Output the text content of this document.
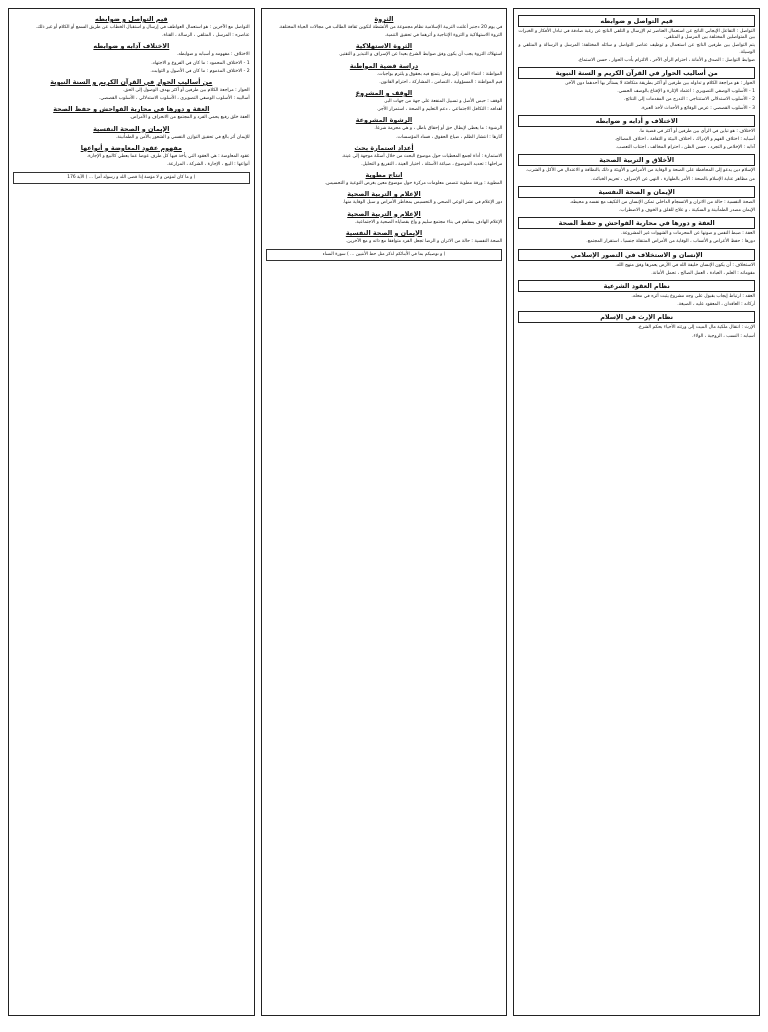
قيم التواصل و ضوابطه

التواصل : التفاعل الإيجابي الناتج عن استعمال العناصر ثم الإرسال و التلقي الناتج عن رغبة صادقة في تبادل الأفكار و الخبرات بين المتواصلين المختلفة بين المرسل و المتلقي.

يتم التواصل بين طرفين الناتج عن استعمال و توظيف عناصر التواصل و سائله المختلفة: المرسل و الرسالة و المتلقي و الوسيلة.

ضوابط التواصل : الصدق و الأمانة ، احترام الرأي الآخر ، الالتزام بأدب الحوار ، حسن الاستماع.

من أساليب الحوار في القرآن الكريم و السنة النبوية

الحوار : هو مراجعة الكلام و تداوله بين طرفين أو أكثر بطريقة متكافئة لا يستأثر بها أحدهما دون الآخر.

1 - الأسلوب الوصفي التصويري : اعتماد الإثارة و الإقناع بالوصف الحسي.

2 - الأسلوب الاستدلالي الاستنتاجي : التدرج من المقدمات إلى النتائج.

3 - الأسلوب القصصي : عرض الوقائع و الأحداث لأخذ العبرة.

الاختلاف و أدابه و ضوابطه

الاختلاف : هو تباين في الرأي بين طرفين أو أكثر في قضية ما.

أسبابه : اختلاف الفهم و الإدراك ، اختلاف البيئة و الثقافة ، اختلاف المصالح.

آدابه : الإخلاص و التجرد ، حسن الظن ، احترام المخالف ، اجتناب التعصب.

الأخلاق و التربية الصحية

الإسلام دين يدعو إلى المحافظة على الصحة و الوقاية من الأمراض و الأوبئة و ذلك بالنظافة و الاعتدال في الأكل و الشرب.

من مظاهر عناية الإسلام بالصحة : الأمر بالطهارة ، النهي عن الإسراف ، تحريم الخبائث.

الإيمان و الصحة النفسية

الصحة النفسية : حالة من الاتزان و الانسجام الداخلي تمكن الإنسان من التكيف مع نفسه و محيطه.

الإيمان مصدر الطمأنينة و السكينة ، و علاج للقلق و الخوف و الاضطراب.

العفة و دورها في محاربة الفواحش و حفظ الصحة

العفة : ضبط النفس و صونها عن المحرمات و الشهوات غير المشروعة.

دورها : حفظ الأعراض و الأنساب ، الوقاية من الأمراض المتنقلة جنسيا ، استقرار المجتمع.

الإنسان و الاستخلاف في التصور الإسلامي

الاستخلاف : أن يكون الإنسان خليفة الله في الأرض يعمرها وفق منهج الله.

مقوماته : العلم ، العبادة ، العمل الصالح ، تحمل الأمانة.

نظام العقود الشرعية

العقد : ارتباط إيجاب بقبول على وجه مشروع يثبت أثره في محله.

أركانه : العاقدان ، المعقود عليه ، الصيغة.

نظام الإرث في الإسلام

الإرث : انتقال ملكية مال الميت إلى ورثته الأحياء بحكم الشرع.

أسبابه : النسب ، الزوجية ، الولاء.

الثروة

في يوم 20 دجنبر أعلنت التربية الإسلامية نظام مجموعة من الأنشطة لتكوين ثقافة الطالب في مجالات الحياة المختلفة.

الثروة الاستهلاكية و الثروة الإنتاجية و أثرهما في تحقيق التنمية.

الثروة الاستهلاكية

استهلاك الثروة يجب أن يكون وفق ضوابط الشرع بعيدا عن الإسراف و التبذير و التقتير.

دراسة قضية المواطنة

المواطنة : انتماء الفرد إلى وطن يتمتع فيه بحقوق و يلتزم بواجبات.

قيم المواطنة : المسؤولية ، التضامن ، المشاركة ، احترام القانون.

الوقف و المشروع

الوقف : حبس الأصل و تسبيل المنفعة على جهة من جهات البر.

أهدافه : التكافل الاجتماعي ، دعم التعليم و الصحة ، استمرار الأجر.

الرشوة المشروعة

الرشوة : ما يعطى لإبطال حق أو إحقاق باطل ، و هي محرمة شرعا.

آثارها : انتشار الظلم ، ضياع الحقوق ، فساد المؤسسات.

أعداد استمارة بحث

الاستمارة : أداة لجمع المعطيات حول موضوع البحث من خلال أسئلة موجهة إلى عينة.

مراحلها : تحديد الموضوع ، صياغة الأسئلة ، اختيار العينة ، التفريغ و التحليل.

انتاج مطوية

المطوية : ورقة مطوية تتضمن معلومات مركزة حول موضوع معين بغرض التوعية و التحسيس.

الإعلام و التربية الصحية

دور الإعلام في نشر الوعي الصحي و التحسيس بمخاطر الأمراض و سبل الوقاية منها.

الإعلام و التربية الصحية

الإعلام الهادف يساهم في بناء مجتمع سليم و واع بقضاياه الصحية و الاجتماعية.

الإيمان و الصحة النفسية

الصحة النفسية : حالة من الاتزان و الرضا تجعل الفرد متوافقا مع ذاته و مع الآخرين.

( و توصيكم بما في الأبنائكم لذكر مثل حظ الأنثيين ... ) سورة النساء
قيم التواصل و ضوابطه

التواصل مع الآخرين : هو استعمال العواطف في إرسال و استقبال الخطاب عن طريق السمع أو الكلام أو غير ذلك.

عناصره : المرسل ، المتلقي ، الرسالة ، القناة.

الاختلاف آدابه و ضوابطه

الاختلاف : مفهومه و أسبابه و ضوابطه.

1 - الاختلاف المحمود : ما كان في الفروع و الاجتهاد.

2 - الاختلاف المذموم : ما كان في الأصول و الثوابت.

من أساليب الحوار في القرآن الكريم و السنة النبوية

الحوار : مراجعة الكلام بين طرفين أو أكثر بهدف الوصول إلى الحق.

أساليبه : الأسلوب الوصفي التصويري ، الأسلوب الاستدلالي ، الأسلوب القصصي.

العفة و دورها في محاربة الفواحش و حفظ الصحة

العفة خلق رفيع يحمي الفرد و المجتمع من الانحراف و الأمراض.

الإيمان و الصحة النفسية

للإيمان أثر بالغ في تحقيق التوازن النفسي و الشعور بالأمن و الطمأنينة.

مفهوم عقود المعاوضة و أنواعها

عقود المعاوضة : هي العقود التي يأخذ فيها كل طرف عوضا عما يعطي كالبيع و الإجارة.

أنواعها : البيع ، الإجارة ، الشركة ، المزارعة.

( و ما كان لمؤمن و لا مؤمنة إذا قضى الله و رسوله أمرا ... ) الآية 176
